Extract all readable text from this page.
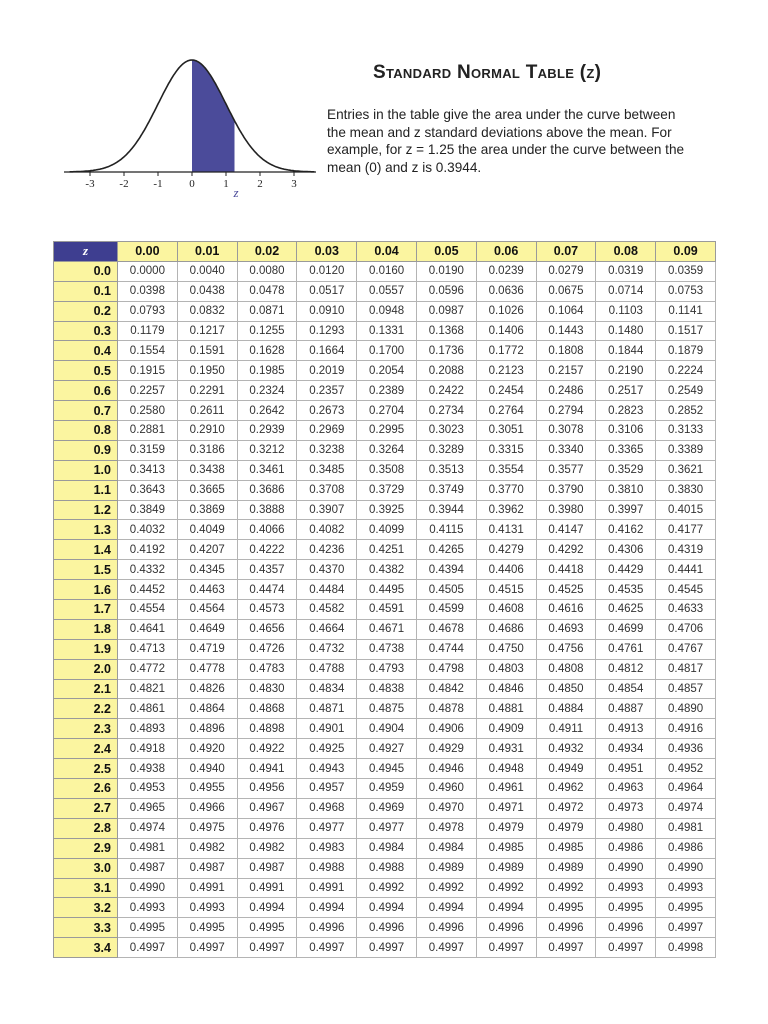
-3 -2 -1 0	1	2	3
z
Standard Normal Table (z)
Entries in the table give the area under the curve between the mean and z standard deviations above the mean. For example, for z = 1.25 the area under the curve between the mean (0) and z is 0.3944.
z	0.00	0.01	0.02	0.03	0.04	0.05	0.06	0.07	0.08	0.09
0.0	0.0000	0.0040	0.0080	0.0120	0.0160	0.0190	0.0239	0.0279	0.0319	0.0359
0.1	0.0398	0.0438	0.0478	0.0517	0.0557	0.0596	0.0636	0.0675	0.0714	0.0753
0.2	0.0793	0.0832	0.0871	0.0910	0.0948	0.0987	0.1026	0.1064	0.1103	0.1141
0.3	0.1179	0.1217	0.1255	0.1293	0.1331	0.1368	0.1406	0.1443	0.1480	0.1517
0.4	0.1554	0.1591	0.1628	0.1664	0.1700	0.1736	0.1772	0.1808	0.1844	0.1879
0.5	0.1915	0.1950	0.1985	0.2019	0.2054	0.2088	0.2123	0.2157	0.2190	0.2224
0.6	0.2257	0.2291	0.2324	0.2357	0.2389	0.2422	0.2454	0.2486	0.2517	0.2549
0.7	0.2580	0.2611	0.2642	0.2673	0.2704	0.2734	0.2764	0.2794	0.2823	0.2852
0.8	0.2881	0.2910	0.2939	0.2969	0.2995	0.3023	0.3051	0.3078	0.3106	0.3133
0.9	0.3159	0.3186	0.3212	0.3238	0.3264	0.3289	0.3315	0.3340	0.3365	0.3389
1.0	0.3413	0.3438	0.3461	0.3485	0.3508	0.3513	0.3554	0.3577	0.3529	0.3621
1.1	0.3643	0.3665	0.3686	0.3708	0.3729	0.3749	0.3770	0.3790	0.3810	0.3830
1.2	0.3849	0.3869	0.3888	0.3907	0.3925	0.3944	0.3962	0.3980	0.3997	0.4015
1.3	0.4032	0.4049	0.4066	0.4082	0.4099	0.4115	0.4131	0.4147	0.4162	0.4177
1.4	0.4192	0.4207	0.4222	0.4236	0.4251	0.4265	0.4279	0.4292	0.4306	0.4319
1.5	0.4332	0.4345	0.4357	0.4370	0.4382	0.4394	0.4406	0.4418	0.4429	0.4441
1.6	0.4452	0.4463	0.4474	0.4484	0.4495	0.4505	0.4515	0.4525	0.4535	0.4545
1.7	0.4554	0.4564	0.4573	0.4582	0.4591	0.4599	0.4608	0.4616	0.4625	0.4633
1.8	0.4641	0.4649	0.4656	0.4664	0.4671	0.4678	0.4686	0.4693	0.4699	0.4706
1.9	0.4713	0.4719	0.4726	0.4732	0.4738	0.4744	0.4750	0.4756	0.4761	0.4767
2.0	0.4772	0.4778	0.4783	0.4788	0.4793	0.4798	0.4803	0.4808	0.4812	0.4817
2.1	0.4821	0.4826	0.4830	0.4834	0.4838	0.4842	0.4846	0.4850	0.4854	0.4857
2.2	0.4861	0.4864	0.4868	0.4871	0.4875	0.4878	0.4881	0.4884	0.4887	0.4890
2.3	0.4893	0.4896	0.4898	0.4901	0.4904	0.4906	0.4909	0.4911	0.4913	0.4916
2.4	0.4918	0.4920	0.4922	0.4925	0.4927	0.4929	0.4931	0.4932	0.4934	0.4936
2.5	0.4938	0.4940	0.4941	0.4943	0.4945	0.4946	0.4948	0.4949	0.4951	0.4952
2.6	0.4953	0.4955	0.4956	0.4957	0.4959	0.4960	0.4961	0.4962	0.4963	0.4964
2.7	0.4965	0.4966	0.4967	0.4968	0.4969	0.4970	0.4971	0.4972	0.4973	0.4974
2.8	0.4974	0.4975	0.4976	0.4977	0.4977	0.4978	0.4979	0.4979	0.4980	0.4981
2.9	0.4981	0.4982	0.4982	0.4983	0.4984	0.4984	0.4985	0.4985	0.4986	0.4986
3.0	0.4987	0.4987	0.4987	0.4988	0.4988	0.4989	0.4989	0.4989	0.4990	0.4990
3.1	0.4990	0.4991	0.4991	0.4991	0.4992	0.4992	0.4992	0.4992	0.4993	0.4993
3.2	0.4993	0.4993	0.4994	0.4994	0.4994	0.4994	0.4994	0.4995	0.4995	0.4995
3.3	0.4995	0.4995	0.4995	0.4996	0.4996	0.4996	0.4996	0.4996	0.4996	0.4997
3.4	0.4997	0.4997	0.4997	0.4997	0.4997	0.4997	0.4997	0.4997	0.4997	0.4998
